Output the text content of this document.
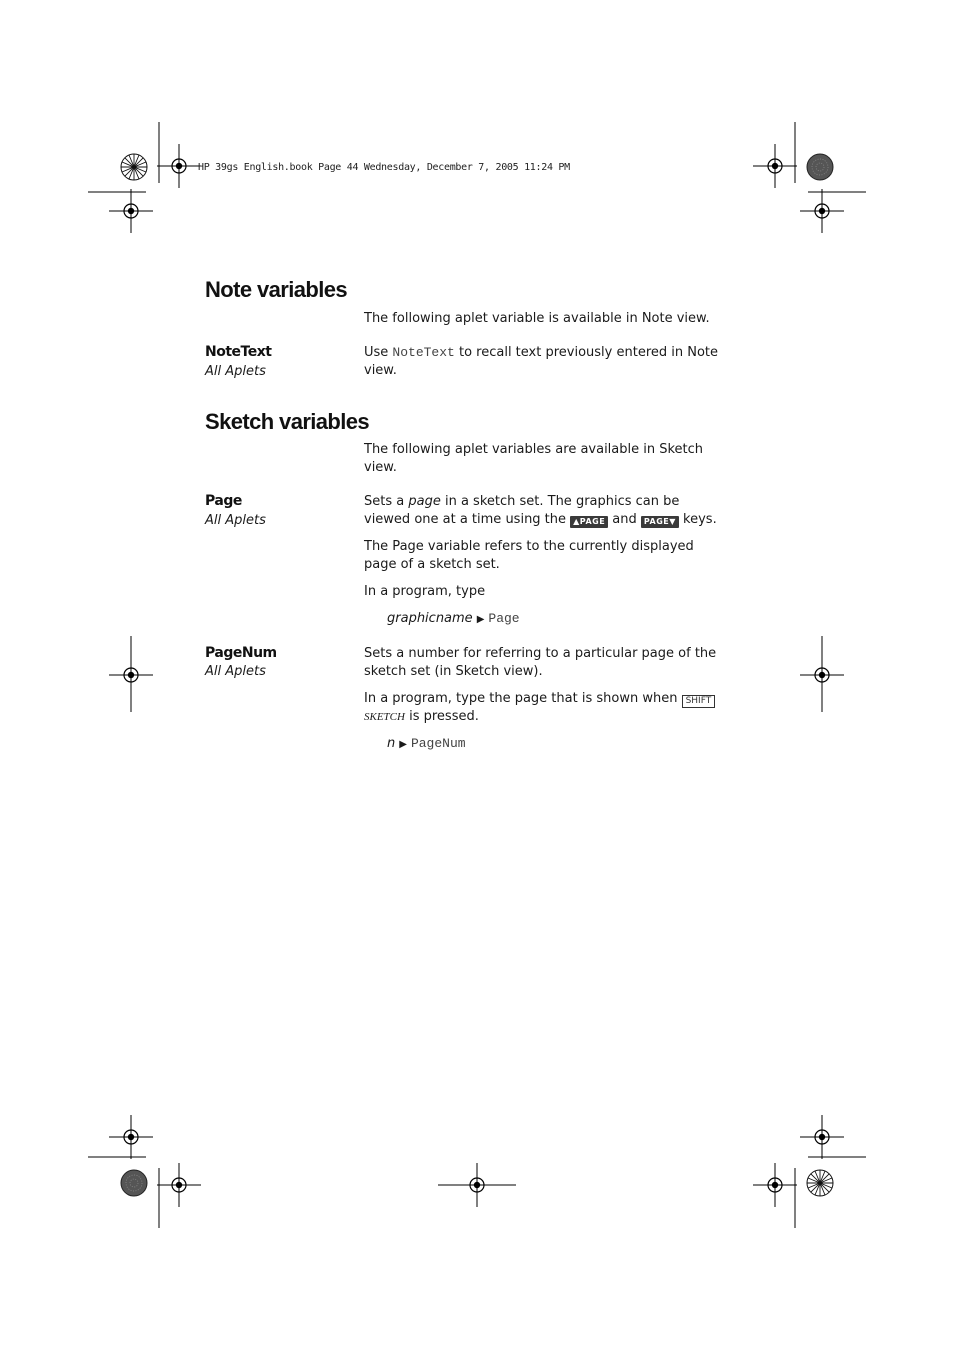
HP 39gs English.book Page 44 Wednesday, December 7, 2005 11:24 PM
Note variables
The following aplet variable is available in Note view.
NoteText
All Aplets
Use NoteText to recall text previously entered in Note view.
Sketch variables
The following aplet variables are available in Sketch view.
Page
All Aplets

Sets a page in a sketch set. The graphics can be viewed one at a time using the ▲PAGE and PAGE▼ keys.

The Page variable refers to the currently displayed page of a sketch set.

In a program, type

graphicname ▶ Page
PageNum
All Aplets

Sets a number for referring to a particular page of the sketch set (in Sketch view).

In a program, type the page that is shown when SHIFTSKETCH is pressed.

n ▶ PageNum
